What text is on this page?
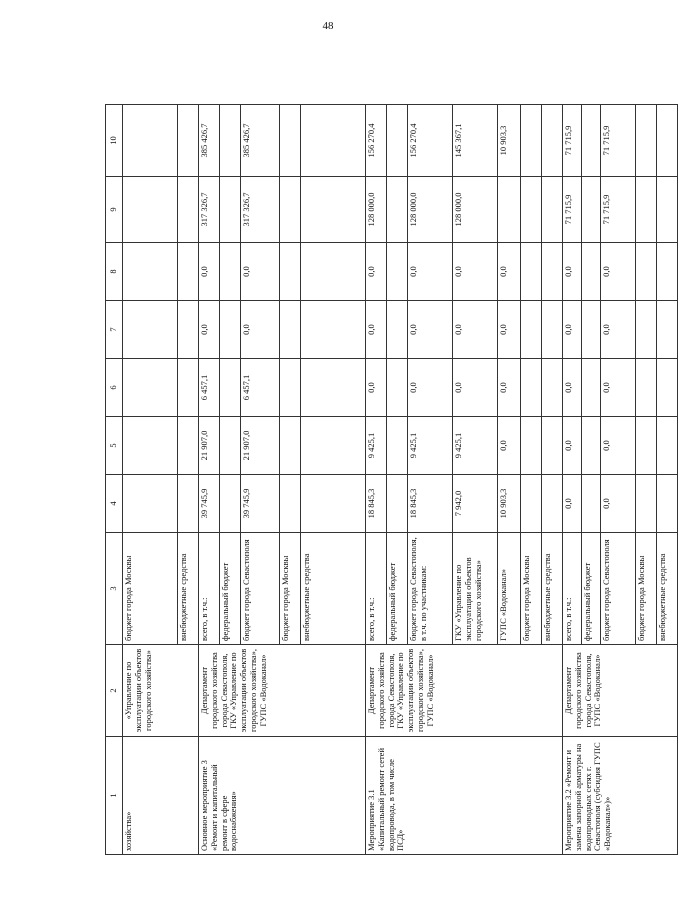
48
1	2	3	4	5	6	7	8	9	10
хозяйства»	«Управление по эксплуатации объектов городского хозяйства»	бюджет города Москвы							
		внебюджетные средства							
Основное мероприятие 3 «Ремонт и капитальный ремонт в сфере водоснабжения»	Департамент городского хозяйства города Севастополя, ГКУ «Управление по эксплуатации объектов городского хозяйства», ГУПС «Водоканал»	всего, в т.ч.:	39 745,9	21 907,0	6 457,1	0,0	0,0	317 326,7	385 426,7
		федеральный бюджет							
		бюджет города Севастополя	39 745,9	21 907,0	6 457,1	0,0	0,0	317 326,7	385 426,7
		бюджет города Москвы							
		внебюджетные средства							
Мероприятие 3.1 «Капитальный ремонт сетей водопровода, в том числе ПСД»	Департамент городского хозяйства города Севастополя, ГКУ «Управление по эксплуатации объектов городского хозяйства», ГУПС «Водоканал»	всего, в т.ч.:	18 845,3	9 425,1	0,0	0,0	0,0	128 000,0	156 270,4
		федеральный бюджет							
		бюджет города Севастополя, в т.ч. по участникам:	18 845,3	9 425,1	0,0	0,0	0,0	128 000,0	156 270,4
		ГКУ «Управление по эксплуатации объектов городского хозяйства»	7 942,0	9 425,1	0,0	0,0	0,0	128 000,0	145 367,1
		ГУПС «Водоканал»	10 903,3	0,0	0,0	0,0	0,0		10 903,3
		бюджет города Москвы							
		внебюджетные средства							
Мероприятие 3.2 «Ремонт и замена запорной арматуры на водопроводных сетях г. Севастополя (субсидия ГУПС «Водоканал»)»	Департамент городского хозяйства города Севастополя, ГУПС «Водоканал»	всего, в т.ч.:	0,0	0,0	0,0	0,0	0,0	71 715,9	71 715,9
		федеральный бюджет							
		бюджет города Севастополя	0,0	0,0	0,0	0,0	0,0	71 715,9	71 715,9
		бюджет города Москвы							
		внебюджетные средства							
